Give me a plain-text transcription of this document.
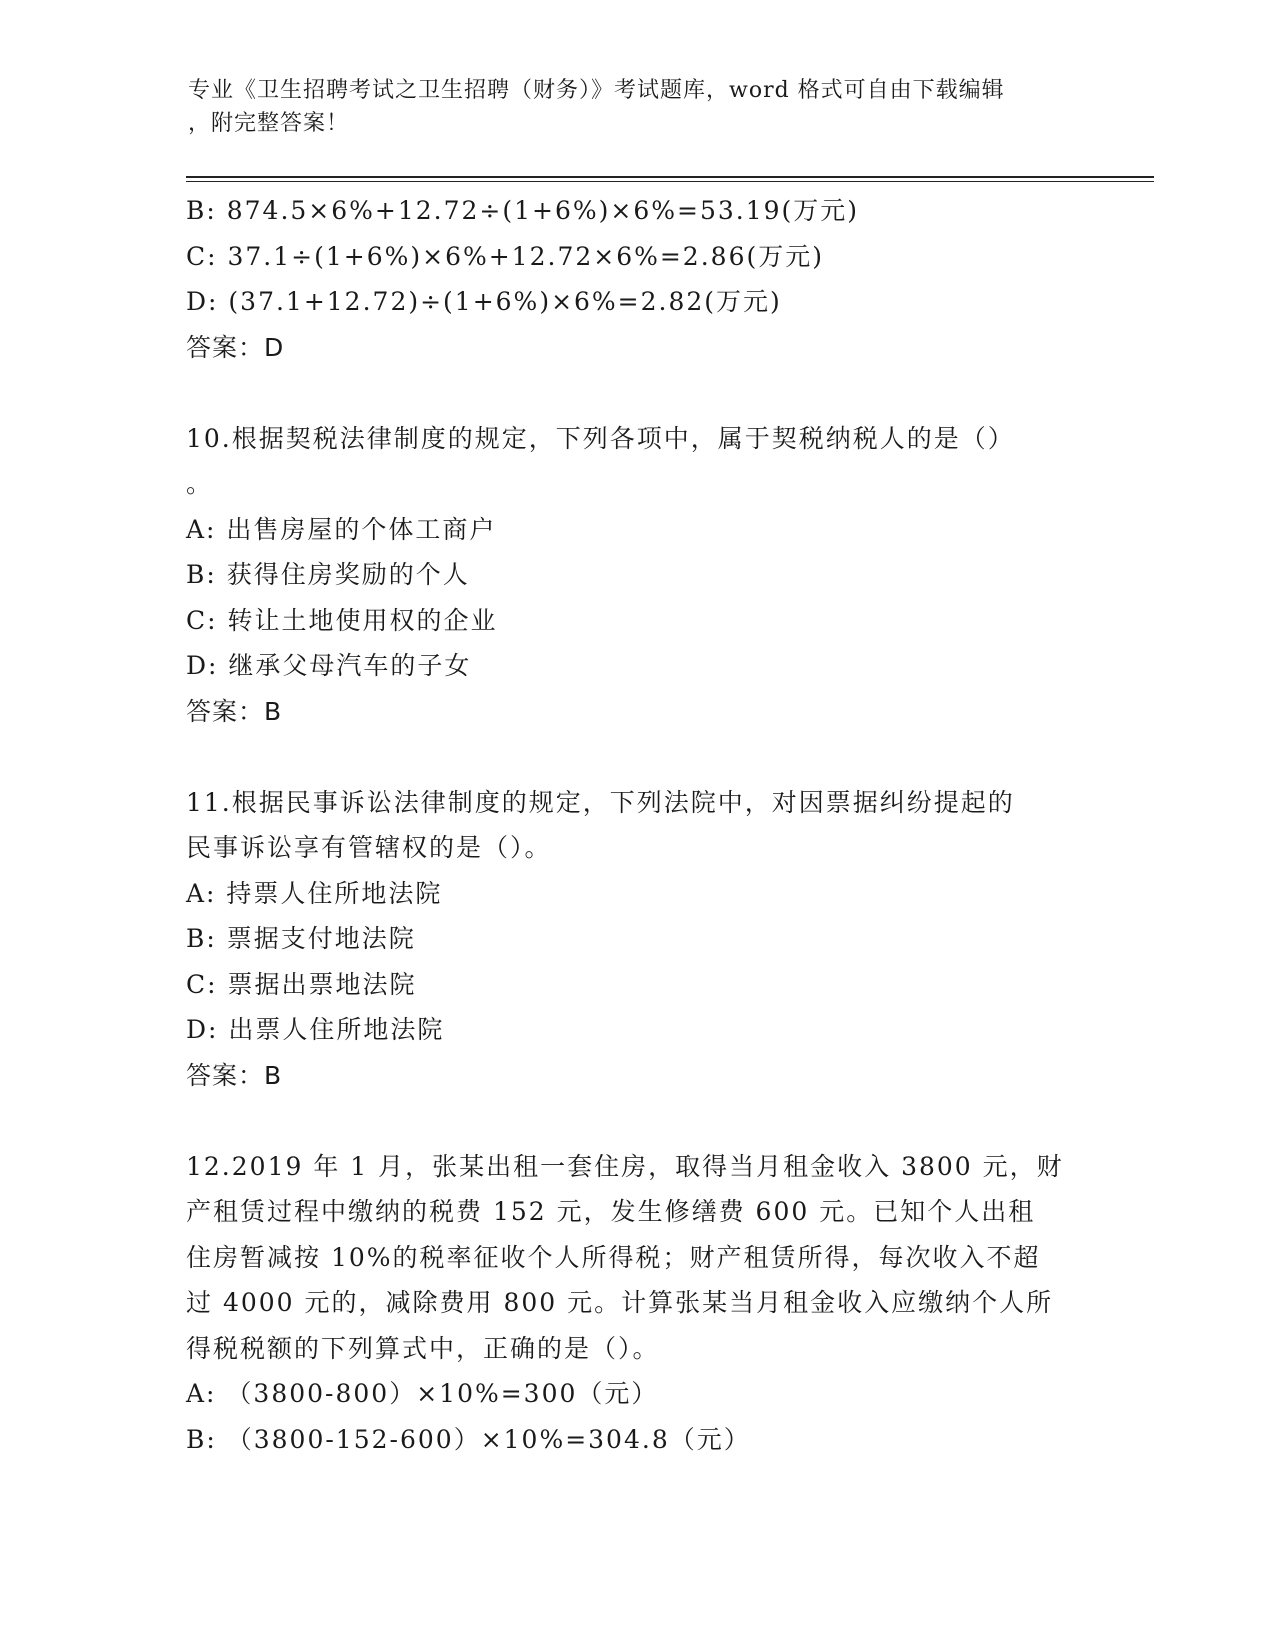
专业《卫生招聘考试之卫生招聘（财务）》考试题库，word 格式可自由下载编辑
，附完整答案！
B: 874.5×6%+12.72÷(1+6%)×6%=53.19(万元)
C: 37.1÷(1+6%)×6%+12.72×6%=2.86(万元)
D: (37.1+12.72)÷(1+6%)×6%=2.82(万元)
答案：D
10.根据契税法律制度的规定，下列各项中，属于契税纳税人的是（）
。
A: 出售房屋的个体工商户
B: 获得住房奖励的个人
C: 转让土地使用权的企业
D: 继承父母汽车的子女
答案：B
11.根据民事诉讼法律制度的规定，下列法院中，对因票据纠纷提起的
民事诉讼享有管辖权的是（）。
A: 持票人住所地法院
B: 票据支付地法院
C: 票据出票地法院
D: 出票人住所地法院
答案：B
12.2019 年 1 月，张某出租一套住房，取得当月租金收入 3800 元，财
产租赁过程中缴纳的税费 152 元，发生修缮费 600 元。已知个人出租
住房暂减按 10%的税率征收个人所得税；财产租赁所得，每次收入不超
过 4000 元的，减除费用 800 元。计算张某当月租金收入应缴纳个人所
得税税额的下列算式中，正确的是（）。
A: （3800-800）×10%=300（元）
B: （3800-152-600）×10%=304.8（元）
